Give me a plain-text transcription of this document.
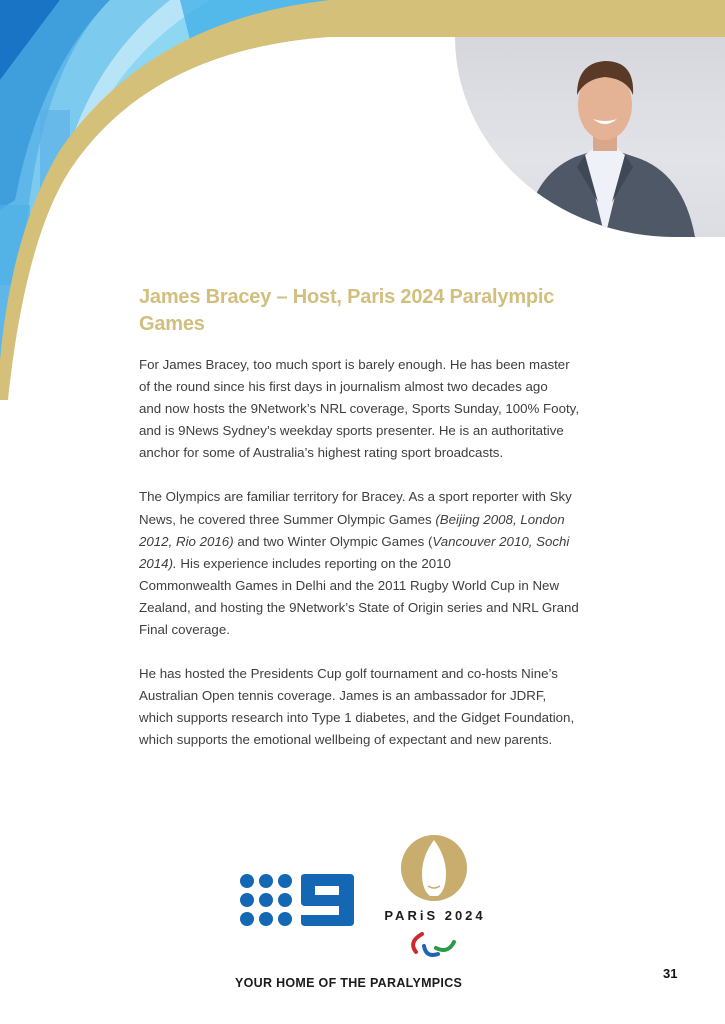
James Bracey – Host, Paris 2024 Paralympic
Games

For James Bracey, too much sport is barely enough. He has been master
of the round since his first days in journalism almost two decades ago
and now hosts the 9Network’s NRL coverage, Sports Sunday, 100% Footy,
and is 9News Sydney’s weekday sports presenter. He is an authoritative
anchor for some of Australia’s highest rating sport broadcasts.

The Olympics are familiar territory for Bracey. As a sport reporter with Sky
News, he covered three Summer Olympic Games (Beijing 2008, London
2012, Rio 2016) and two Winter Olympic Games (Vancouver 2010, Sochi
2014). His experience includes reporting on the 2010
Commonwealth Games in Delhi and the 2011 Rugby World Cup in New
Zealand, and hosting the 9Network’s State of Origin series and NRL Grand
Final coverage.

He has hosted the Presidents Cup golf tournament and co-hosts Nine’s
Australian Open tennis coverage. James is an ambassador for JDRF,
which supports research into Type 1 diabetes, and the Gidget Foundation,
which supports the emotional wellbeing of expectant and new parents.

PARiS 2024
YOUR HOME OF THE PARALYMPICS
31
